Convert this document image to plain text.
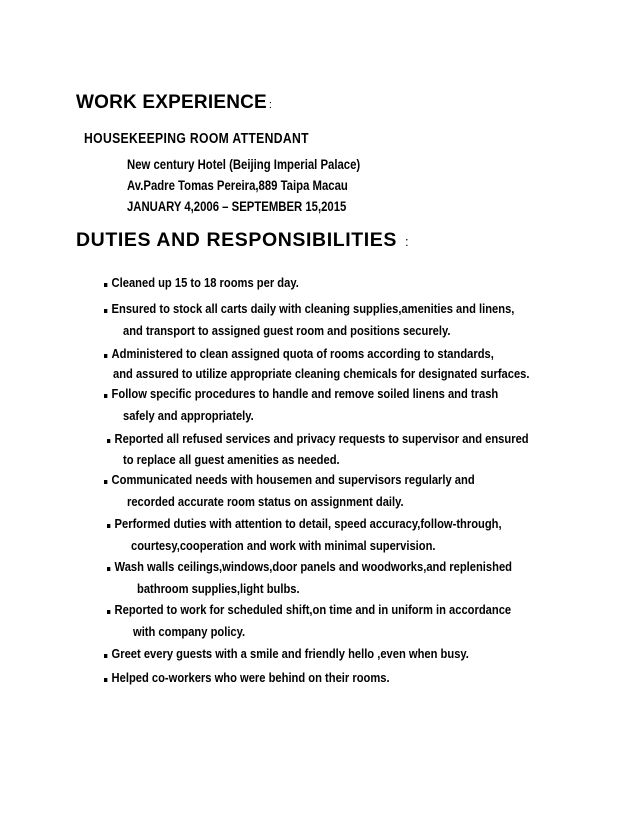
WORK EXPERIENCE :
HOUSEKEEPING ROOM ATTENDANT
New century Hotel (Beijing Imperial Palace)
Av.Padre Tomas Pereira,889 Taipa Macau
JANUARY 4,2006 – SEPTEMBER 15,2015
DUTIES AND RESPONSIBILITIES :
Cleaned up 15 to 18 rooms per day.
Ensured to stock all carts daily with cleaning supplies,amenities and linens,
and transport to assigned guest room and positions securely.
Administered to clean assigned quota of rooms according to standards,
and assured to utilize appropriate cleaning chemicals for designated surfaces.
Follow specific procedures to handle and remove soiled linens and trash
safely and appropriately.
Reported all refused services and privacy requests to supervisor and ensured
to replace all guest amenities as needed.
Communicated needs with housemen and supervisors regularly and
recorded accurate room status on assignment daily.
Performed duties with attention to detail, speed accuracy,follow-through,
courtesy,cooperation and work with minimal supervision.
Wash walls ceilings,windows,door panels and woodworks,and replenished
bathroom supplies,light bulbs.
Reported to work for scheduled shift,on time and in uniform in accordance
with company policy.
Greet every guests with a smile and friendly hello ,even when busy.
Helped co-workers who were behind on their rooms.
